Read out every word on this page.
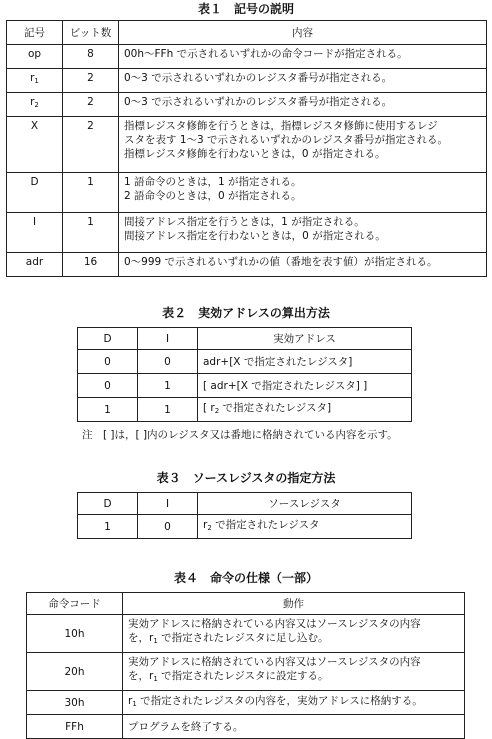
表１　記号の説明
記号	ビット数	内容
op	8	00h～FFh で示されるいずれかの命令コードが指定される。

$r_1$	2	0～3 で示されるいずれかのレジスタ番号が指定される。

$r_2$	2	0～3 で示されるいずれかのレジスタ番号が指定される。

X	2	指標レジスタ修飾を行うときは，指標レジスタ修飾に使用するレジ
スタを表す 1～3 で示されるいずれかのレジスタ番号が指定される。
指標レジスタ修飾を行わないときは，0 が指定される。

D	1	1 語命令のときは，1 が指定される。
2 語命令のときは，0 が指定される。

I	1	間接アドレス指定を行うときは，1 が指定される。
間接アドレス指定を行わないときは，0 が指定される。

adr	16	0～999 で示されるいずれかの値（番地を表す値）が指定される。
表２　実効アドレスの算出方法
D	I	実効アドレス
0	0	adr+[X で指定されたレジスタ]
0	1	[ adr+[X で指定されたレジスタ] ]
1	1	[ $r_2$ で指定されたレジスタ]
注　[ ]は，[ ]内のレジスタ又は番地に格納されている内容を示す。
表３　ソースレジスタの指定方法
D	I	ソースレジスタ
1	0	$r_2$ で指定されたレジスタ
表４　命令の仕様（一部）
命令コード	動作
10h	実効アドレスに格納されている内容又はソースレジスタの内容
を，$r_1$ で指定されたレジスタに足し込む。

20h	実効アドレスに格納されている内容又はソースレジスタの内容
を，$r_1$ で指定されたレジスタに設定する。

30h	$r_1$ で指定されたレジスタの内容を，実効アドレスに格納する。
FFh	プログラムを終了する。
